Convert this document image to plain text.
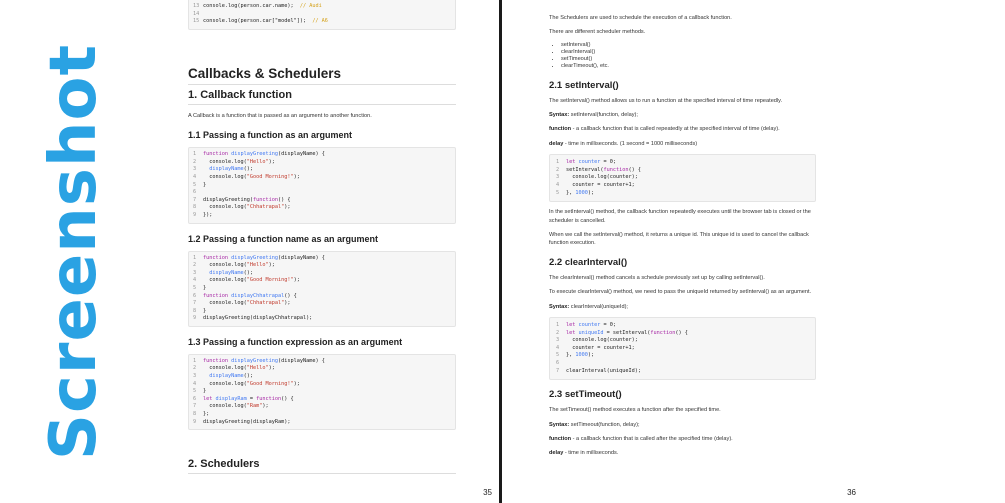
Screenshot
13 console.log(person.car.name);  // Audi
14
15 console.log(person.car["model"]);  // A6
Callbacks & Schedulers
1. Callback function

A Callback is a function that is passed as an argument to another function.

1.1 Passing a function as an argument
1	function displayGreeting(displayName) {
2	console.log("Hello");
3	displayName();
4	console.log("Good Morning!");
5	}
6
7	displayGreeting(function() {
8	console.log("Chhatrapal");
9	});
1.2 Passing a function name as an argument
1	function displayGreeting(displayName) {
2	console.log("Hello");
3	displayName();
4	console.log("Good Morning!");
5	}
6	function displayChhatrapal() {
7	console.log("Chhatrapal");
8	}
9	displayGreeting(displayChhatrapal);
1.3 Passing a function expression as an argument
1	function displayGreeting(displayName) {
2	console.log("Hello");
3	displayName();
4	console.log("Good Morning!");
5	}
6	let displayRam = function() {
7	console.log("Ram");
8	};
9	displayGreeting(displayRam);
2. Schedulers
35

The Schedulers are used to schedule the execution of a callback function.

There are different scheduler methods.

• setInterval()
• clearInterval()
• setTimeout()
• clearTimeout(), etc.
2.1 setInterval()

The setInterval() method allows us to run a function at the specified interval of time repeatedly.

Syntax: setInterval(function, delay);

function - a callback function that is called repeatedly at the specified interval of time (delay).

delay - time in milliseconds. (1 second = 1000 milliseconds)

1	let counter = 0;
2	setInterval(function() {
3	console.log(counter);
4	counter = counter+1;
5	}, 1000);

In the setInterval() method, the callback function repeatedly executes until the browser tab is closed or the scheduler is cancelled.

When we call the setInterval() method, it returns a unique id. This unique id is used to cancel the callback function execution.

2.2 clearInterval()

The clearInterval() method cancels a schedule previously set up by calling setInterval().

To execute clearInterval() method, we need to pass the uniqueId returned by setInterval() as an argument.

Syntax: clearInterval(uniqueId);

1	let counter = 0;
2	let uniqueId = setInterval(function() {
3	console.log(counter);
4	counter = counter+1;
5	}, 1000);
6
7	clearInterval(uniqueId);
2.3 setTimeout()

The setTimeout() method executes a function after the specified time.

Syntax: setTimeout(function, delay);

function - a callback function that is called after the specified time (delay).

delay - time in milliseconds.

36
